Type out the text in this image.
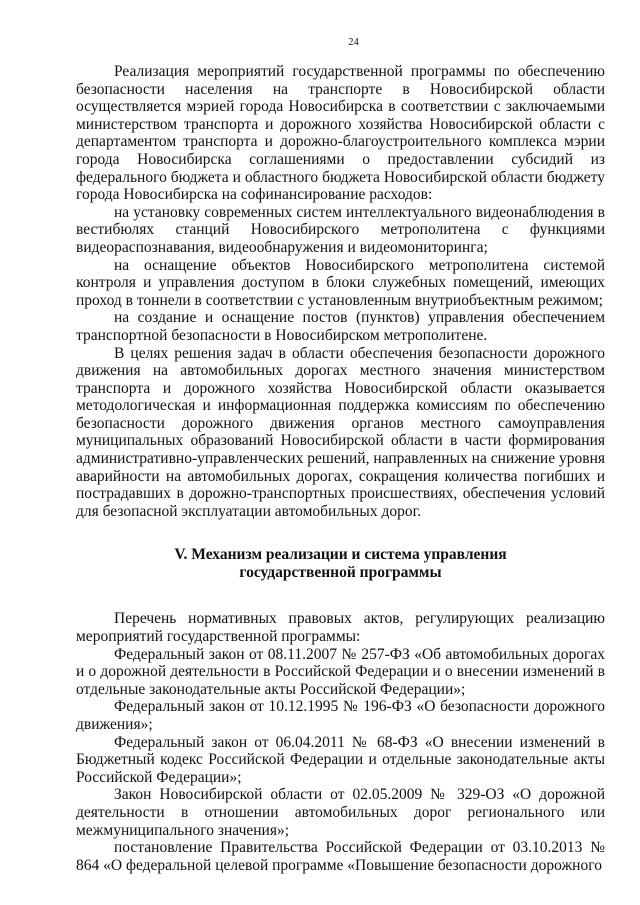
24

Реализация мероприятий государственной программы по обеспечению безопасности населения на транспорте в Новосибирской области осуществляется мэрией города Новосибирска в соответствии с заключаемыми министерством транспорта и дорожного хозяйства Новосибирской области с департаментом транспорта и дорожно-благоустроительного комплекса мэрии города Новосибирска соглашениями о предоставлении субсидий из федерального бюджета и областного бюджета Новосибирской области бюджету города Новосибирска на софинансирование расходов:

на установку современных систем интеллектуального видеонаблюдения в вестибюлях станций Новосибирского метрополитена с функциями видеораспознавания, видеообнаружения и видеомониторинга;

на оснащение объектов Новосибирского метрополитена системой контроля и управления доступом в блоки служебных помещений, имеющих проход в тоннели в соответствии с установленным внутриобъектным режимом;

на создание и оснащение постов (пунктов) управления обеспечением транспортной безопасности в Новосибирском метрополитене.

В целях решения задач в области обеспечения безопасности дорожного движения на автомобильных дорогах местного значения министерством транспорта и дорожного хозяйства Новосибирской области оказывается методологическая и информационная поддержка комиссиям по обеспечению безопасности дорожного движения органов местного самоуправления муниципальных образований Новосибирской области в части формирования административно-управленческих решений, направленных на снижение уровня аварийности на автомобильных дорогах, сокращения количества погибших и пострадавших в дорожно-транспортных происшествиях, обеспечения условий для безопасной эксплуатации автомобильных дорог.

V. Механизм реализации и система управления
государственной программы

Перечень нормативных правовых актов, регулирующих реализацию мероприятий государственной программы:

Федеральный закон от 08.11.2007 № 257-ФЗ «Об автомобильных дорогах и о дорожной деятельности в Российской Федерации и о внесении изменений в отдельные законодательные акты Российской Федерации»;

Федеральный закон от 10.12.1995 № 196-ФЗ «О безопасности дорожного движения»;

Федеральный закон от 06.04.2011 № 68-ФЗ «О внесении изменений в Бюджетный кодекс Российской Федерации и отдельные законодательные акты Российской Федерации»;

Закон Новосибирской области от 02.05.2009 № 329-ОЗ «О дорожной деятельности в отношении автомобильных дорог регионального или межмуниципального значения»;

постановление Правительства Российской Федерации от 03.10.2013 № 864 «О федеральной целевой программе «Повышение безопасности дорожного
